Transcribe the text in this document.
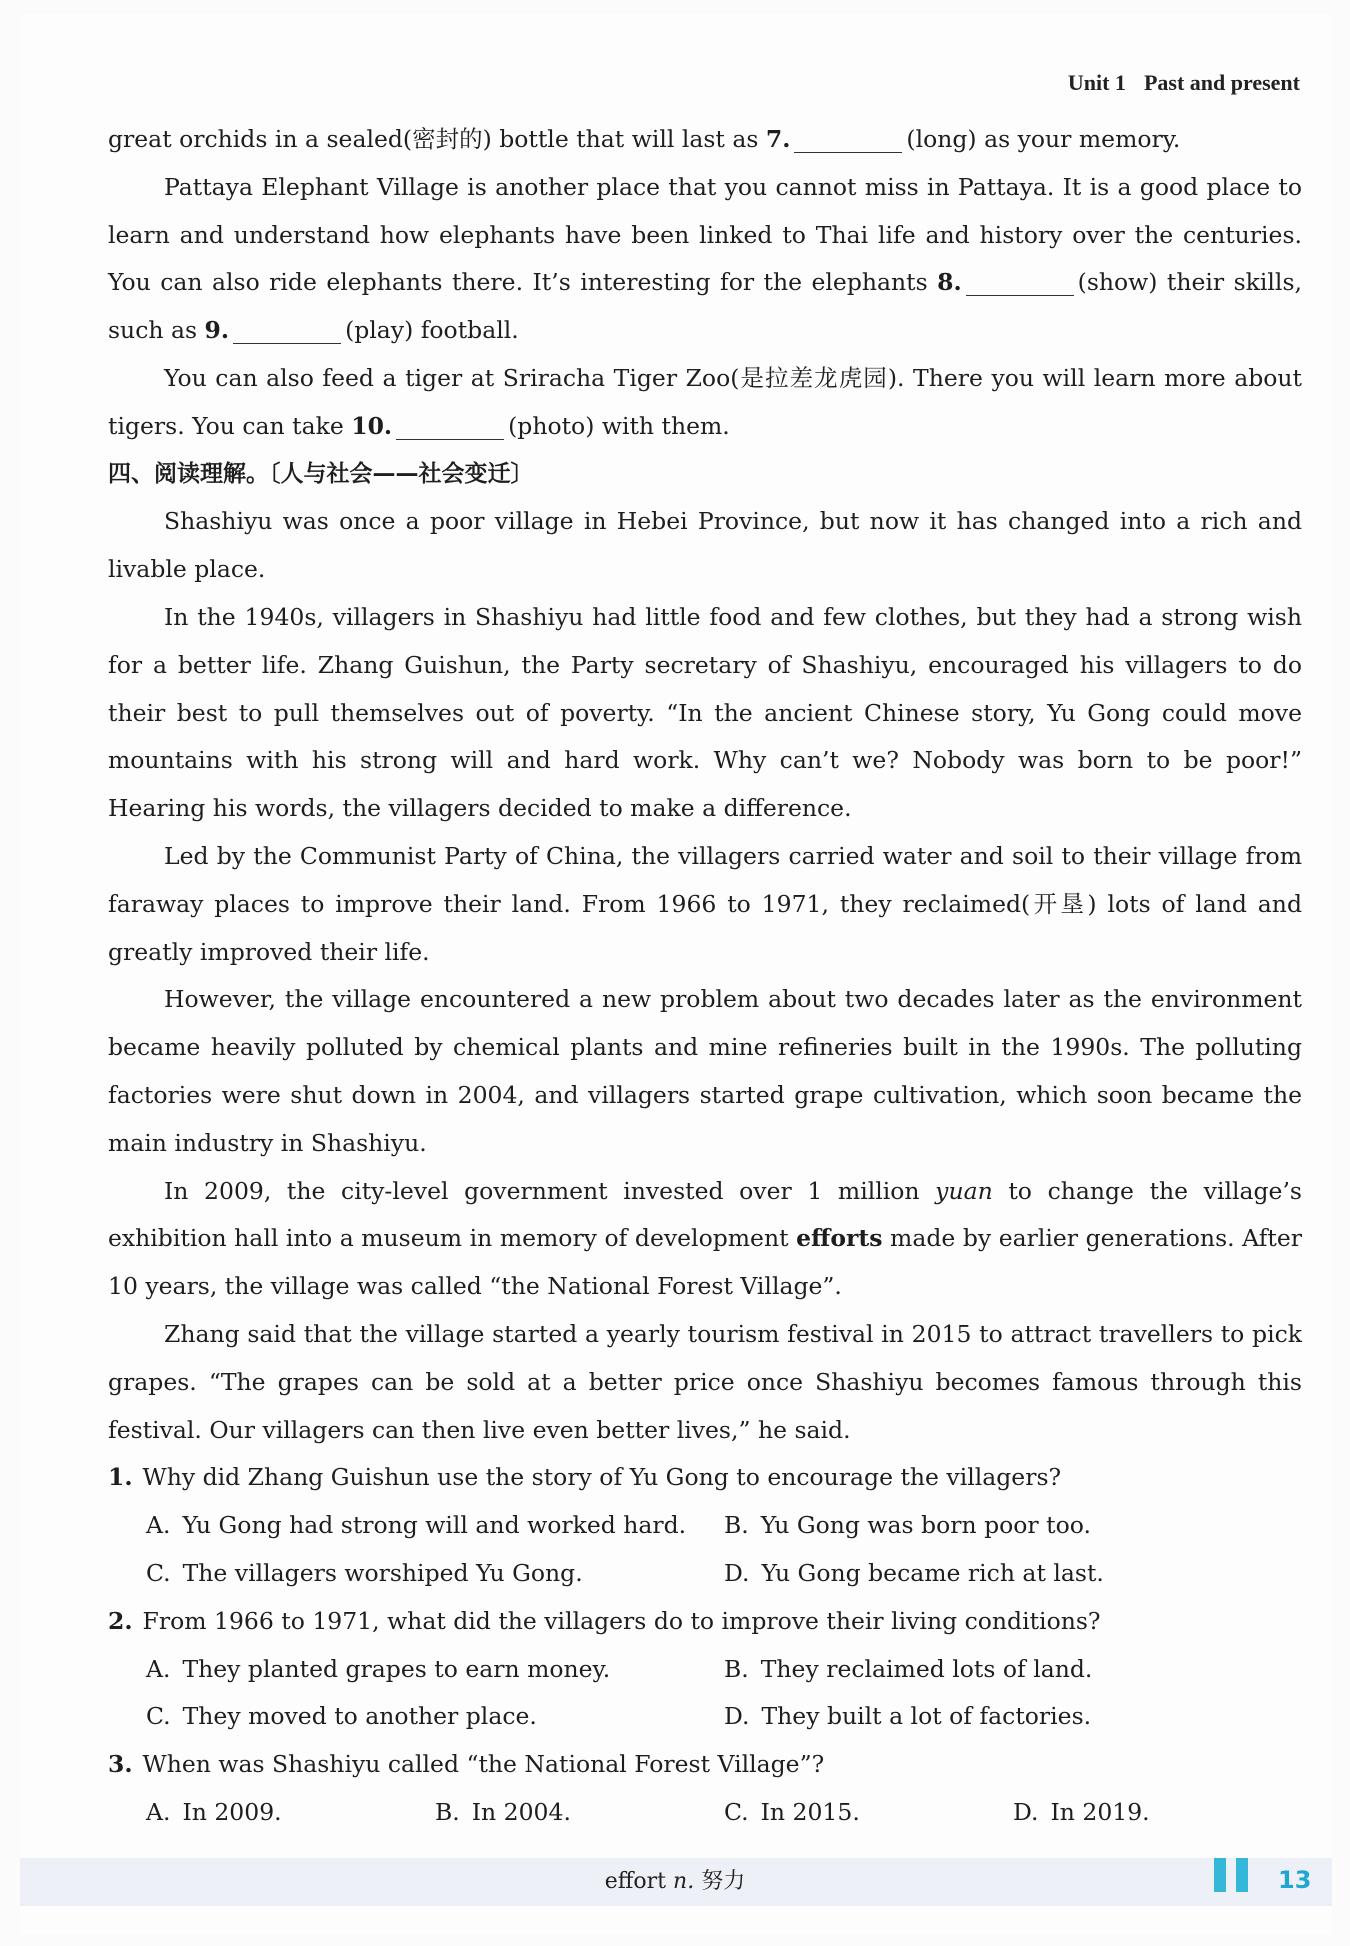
Unit 1 Past and present

great orchids in a sealed(密封的) bottle that will last as 7.	(long) as your memory.

Pattaya Elephant Village is another place that you cannot miss in Pattaya. It is a good place to learn and understand how elephants have been linked to Thai life and history over the centuries. You can also ride elephants there. It’s interesting for the elephants 8.	(show) their skills, such as 9.	(play) football.

You can also feed a tiger at Sriracha Tiger Zoo(是拉差龙虎园). There you will learn more about tigers. You can take 10.	(photo) with them.

四、阅读理解。〔人与社会——社会变迁〕

Shashiyu was once a poor village in Hebei Province, but now it has changed into a rich and livable place.

In the 1940s, villagers in Shashiyu had little food and few clothes, but they had a strong wish for a better life. Zhang Guishun, the Party secretary of Shashiyu, encouraged his villagers to do their best to pull themselves out of poverty. “In the ancient Chinese story, Yu Gong could move mountains with his strong will and hard work. Why can’t we? Nobody was born to be poor!” Hearing his words, the villagers decided to make a difference.

Led by the Communist Party of China, the villagers carried water and soil to their village from faraway places to improve their land. From 1966 to 1971, they reclaimed(开垦) lots of land and greatly improved their life.

However, the village encountered a new problem about two decades later as the environment became heavily polluted by chemical plants and mine refineries built in the 1990s. The polluting factories were shut down in 2004, and villagers started grape cultivation, which soon became the main industry in Shashiyu.

In 2009, the city-level government invested over 1 million yuan to change the village’s exhibition hall into a museum in memory of development efforts made by earlier generations. After 10 years, the village was called “the National Forest Village”.

Zhang said that the village started a yearly tourism festival in 2015 to attract travellers to pick grapes. “The grapes can be sold at a better price once Shashiyu becomes famous through this festival. Our villagers can then live even better lives,” he said.

1. Why did Zhang Guishun use the story of Yu Gong to encourage the villagers?

A. Yu Gong had strong will and worked hard.	B. Yu Gong was born poor too.
C. The villagers worshiped Yu Gong.	D. Yu Gong became rich at last.

2. From 1966 to 1971, what did the villagers do to improve their living conditions?

A. They planted grapes to earn money.	B. They reclaimed lots of land.
C. They moved to another place.	D. They built a lot of factories.

3. When was Shashiyu called “the National Forest Village”?

A. In 2009.	B. In 2004.	C. In 2015.	D. In 2019.
effort n. 努力	13
